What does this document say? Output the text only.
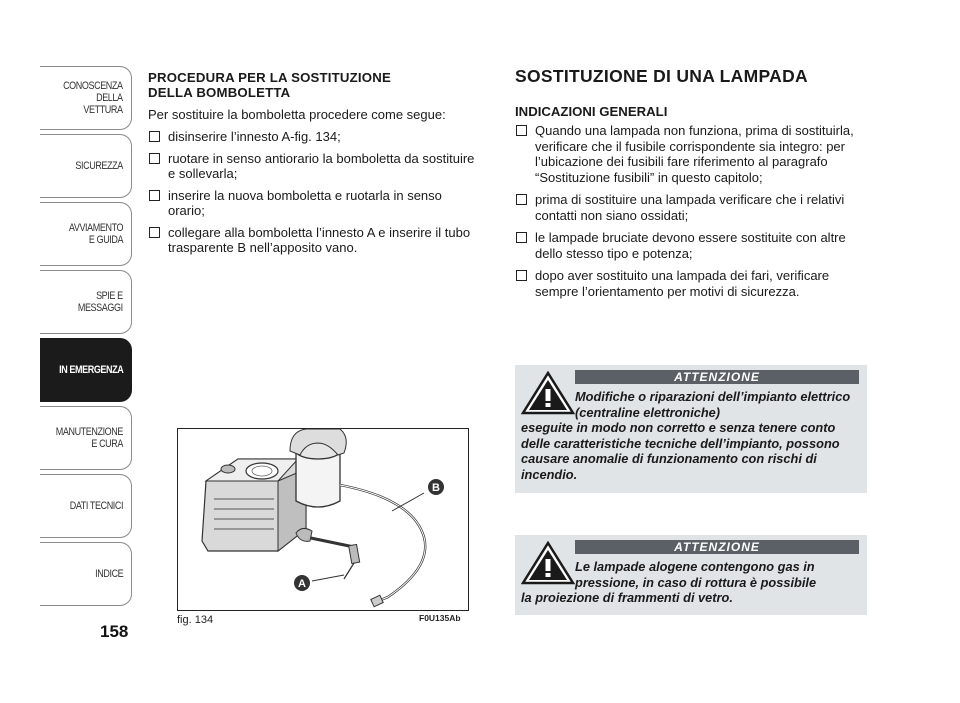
CONOSCENZA
DELLA
VETTURA
SICUREZZA
AVVIAMENTO
E GUIDA
SPIE E
MESSAGGI
IN EMERGENZA
MANUTENZIONE
E CURA
DATI TECNICI
INDICE
158
PROCEDURA PER LA SOSTITUZIONE
DELLA BOMBOLETTA
Per sostituire la bomboletta procedere come segue:
disinserire l’innesto A-fig. 134;
ruotare in senso antiorario la bomboletta da sostituire e sollevarla;
inserire la nuova bomboletta e ruotarla in senso orario;
collegare alla bomboletta l’innesto A e inserire il tubo trasparente B nell’apposito vano.
B
A
fig. 134	F0U135Ab
SOSTITUZIONE DI UNA LAMPADA
INDICAZIONI GENERALI
Quando una lampada non funziona, prima di sostituirla, verificare che il fusibile corrispondente sia integro: per l’ubicazione dei fusibili fare riferimento al paragrafo “Sostituzione fusibili” in questo capitolo;
prima di sostituire una lampada verificare che i relativi contatti non siano ossidati;
le lampade bruciate devono essere sostituite con altre dello stesso tipo e potenza;
dopo aver sostituito una lampada dei fari, verificare sempre l’orientamento per motivi di sicurezza.
ATTENZIONE
Modifiche o riparazioni dell’impianto elettrico (centraline elettroniche)
eseguite in modo non corretto e senza tenere conto delle caratteristiche tecniche dell’impianto, possono causare anomalie di funzionamento con rischi di incendio.
ATTENZIONE
Le lampade alogene contengono gas in pressione, in caso di rottura è possibile
la proiezione di frammenti di vetro.
